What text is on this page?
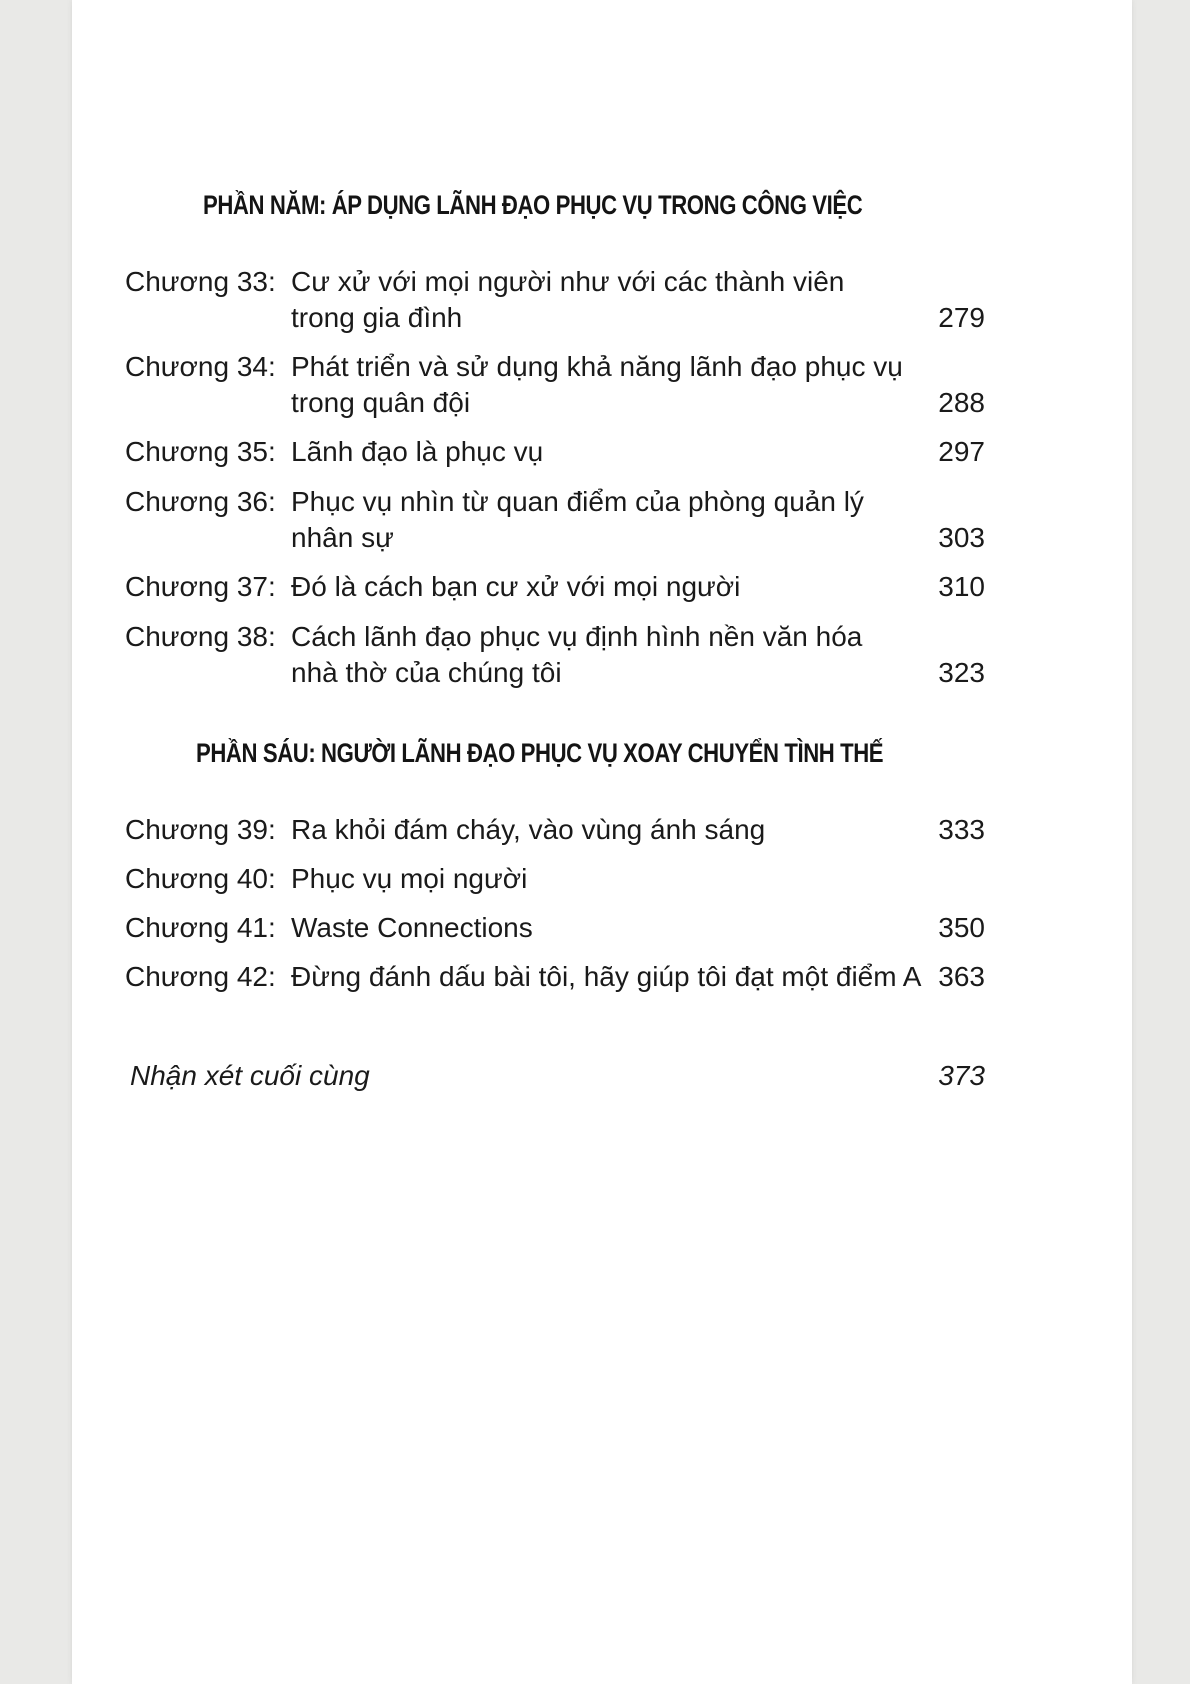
PHẦN NĂM: ÁP DỤNG LÃNH ĐẠO PHỤC VỤ TRONG CÔNG VIỆC
Chương 33: Cư xử với mọi người như với các thành viên trong gia đình	279
Chương 34: Phát triển và sử dụng khả năng lãnh đạo phục vụ trong quân đội	288
Chương 35: Lãnh đạo là phục vụ	297
Chương 36: Phục vụ nhìn từ quan điểm của phòng quản lý nhân sự	303
Chương 37: Đó là cách bạn cư xử với mọi người	310
Chương 38: Cách lãnh đạo phục vụ định hình nền văn hóa nhà thờ của chúng tôi	323
PHẦN SÁU: NGƯỜI LÃNH ĐẠO PHỤC VỤ XOAY CHUYỂN TÌNH THẾ
Chương 39: Ra khỏi đám cháy, vào vùng ánh sáng	333
Chương 40: Phục vụ mọi người
Chương 41: Waste Connections	350
Chương 42: Đừng đánh dấu bài tôi, hãy giúp tôi đạt một điểm A 363
Nhận xét cuối cùng	373
